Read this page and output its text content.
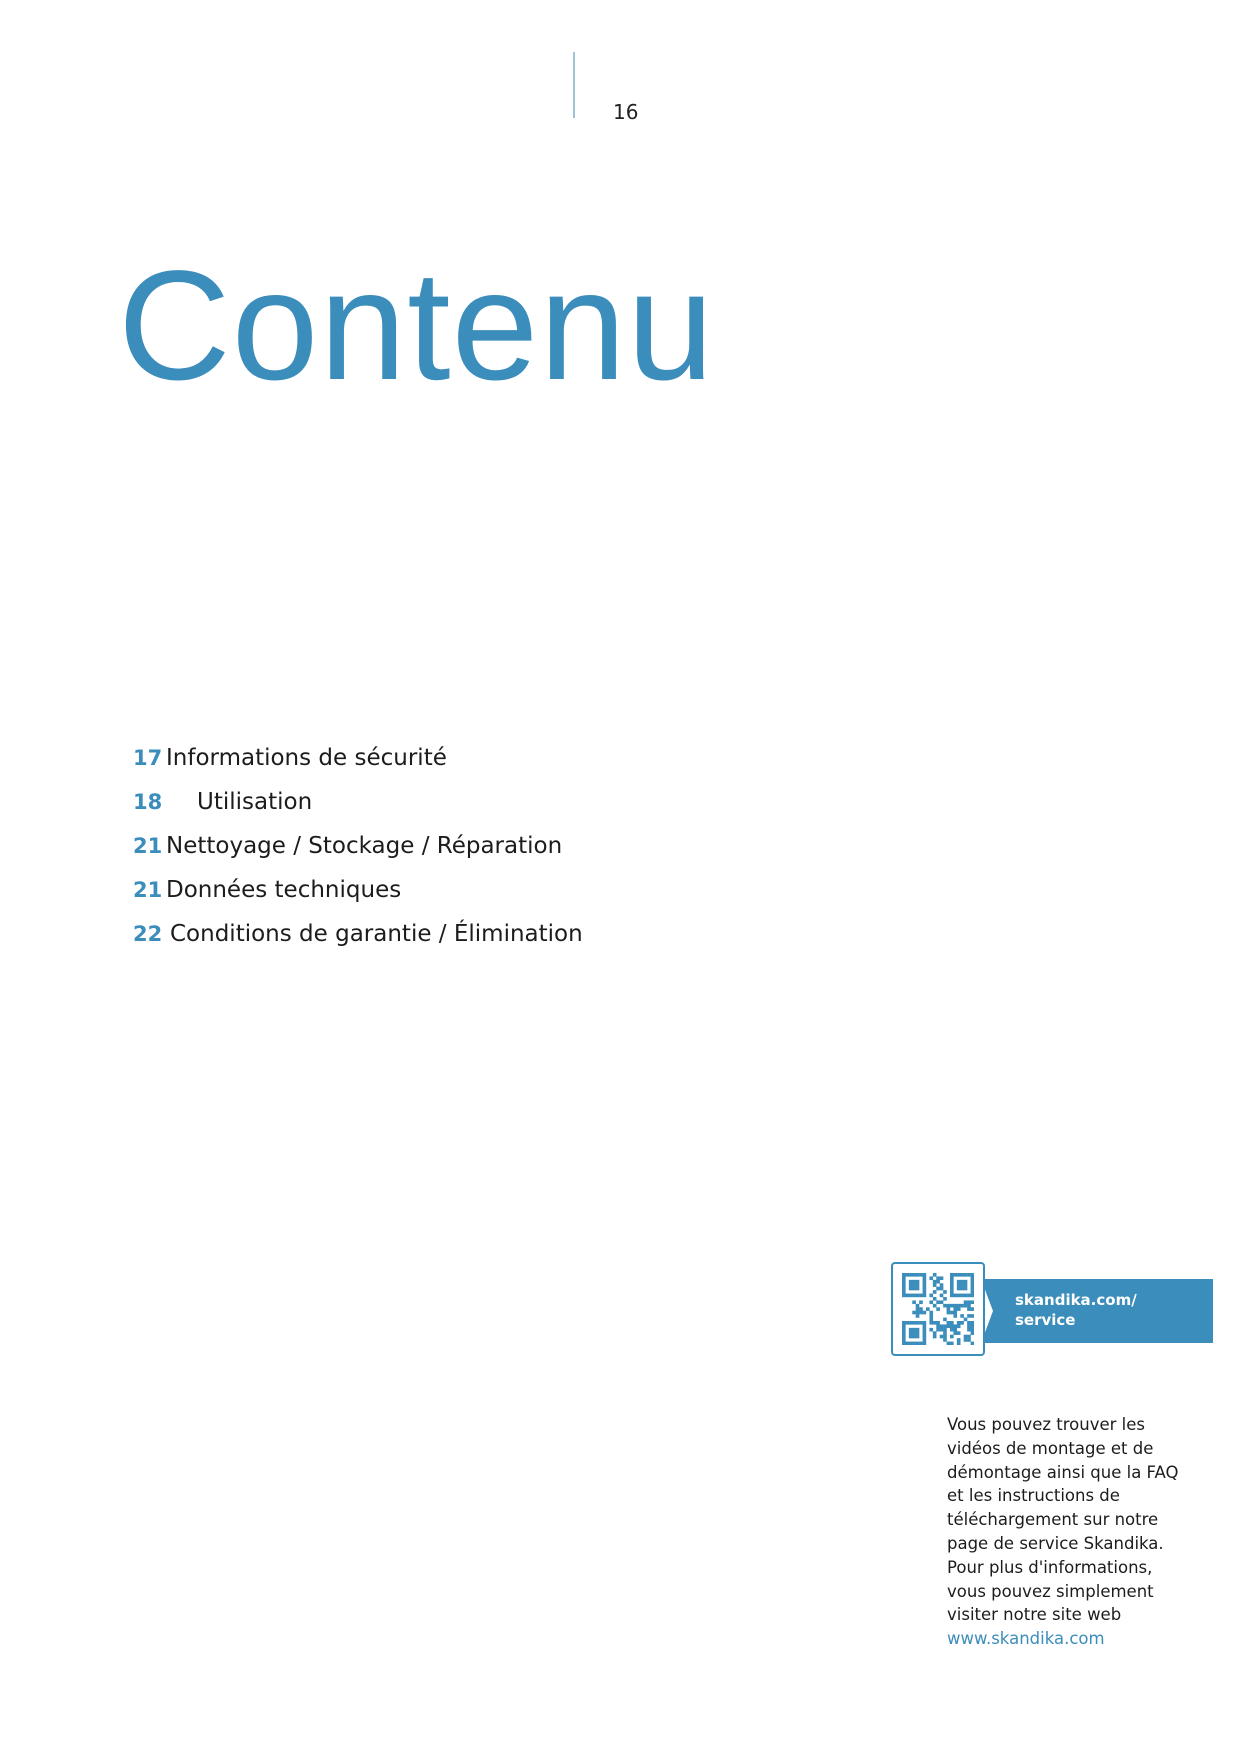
16
Contenu
17 Informations de sécurité
18 Utilisation
21 Nettoyage / Stockage / Réparation
21 Données techniques
22 Conditions de garantie / Élimination
skandika.com/
service

Vous pouvez trouver les vidéos de montage et de démontage ainsi que la FAQ et les instructions de téléchargement sur notre page de service Skandika. Pour plus d'informations, vous pouvez simplement visiter notre site web
www.skandika.com
